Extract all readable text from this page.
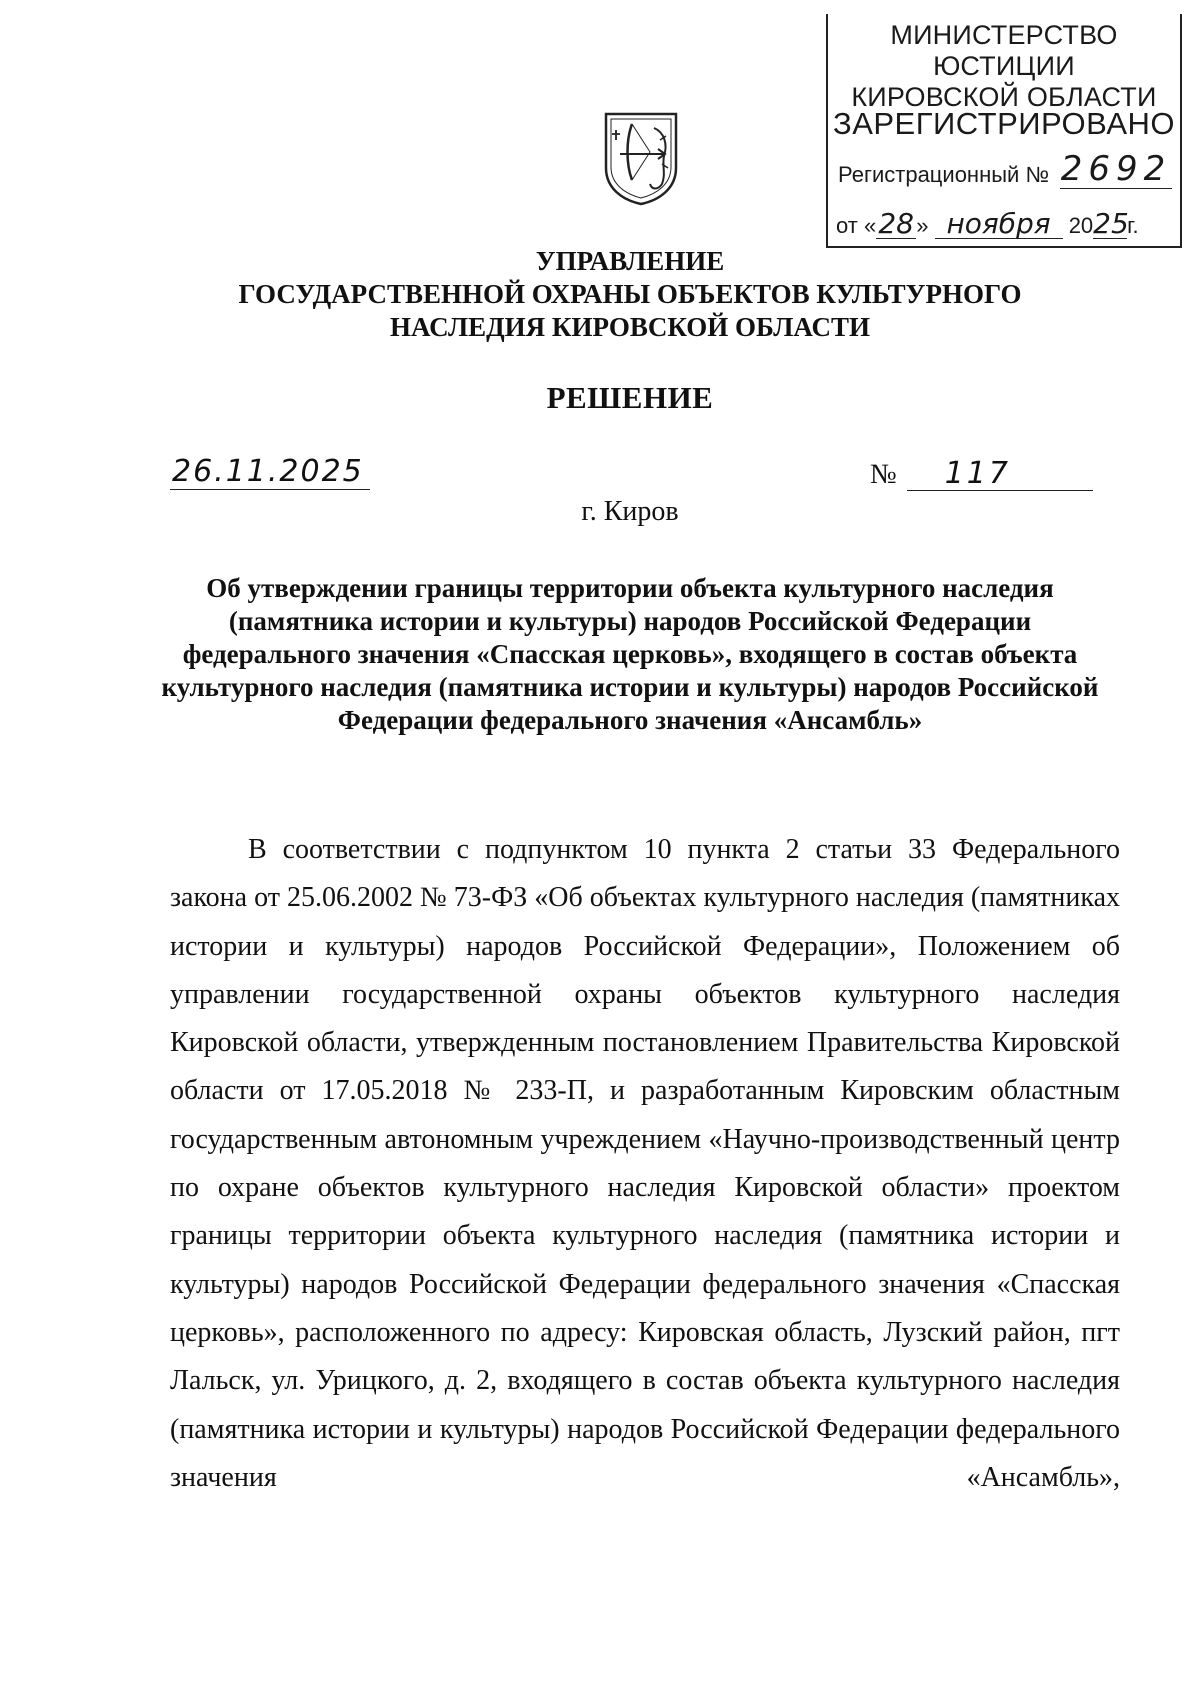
МИНИСТЕРСТВО ЮСТИЦИИ
КИРОВСКОЙ ОБЛАСТИ
ЗАРЕГИСТРИРОВАНО
Регистрационный № 2692
от «28» ноября 2025г.
УПРАВЛЕНИЕ
ГОСУДАРСТВЕННОЙ ОХРАНЫ ОБЪЕКТОВ КУЛЬТУРНОГО
НАСЛЕДИЯ КИРОВСКОЙ ОБЛАСТИ
РЕШЕНИЕ
26.11.2025	№ 117
г. Киров
Об утверждении границы территории объекта культурного наследия (памятника истории и культуры) народов Российской Федерации федерального значения «Спасская церковь», входящего в состав объекта культурного наследия (памятника истории и культуры) народов Российской Федерации федерального значения «Ансамбль»
В соответствии с подпунктом 10 пункта 2 статьи 33 Федерального закона от 25.06.2002 № 73-ФЗ «Об объектах культурного наследия (памятниках истории и культуры) народов Российской Федерации», Положением об управлении государственной охраны объектов культурного наследия Кировской области, утвержденным постановлением Правительства Кировской области от 17.05.2018 № 233-П, и разработанным Кировским областным государственным автономным учреждением «Научно-производственный центр по охране объектов культурного наследия Кировской области» проектом границы территории объекта культурного наследия (памятника истории и культуры) народов Российской Федерации федерального значения «Спасская церковь», расположенного по адресу: Кировская область, Лузский район, пгт Лальск, ул. Урицкого, д. 2, входящего в состав объекта культурного наследия (памятника истории и культуры) народов Российской Федерации федерального значения «Ансамбль»,
